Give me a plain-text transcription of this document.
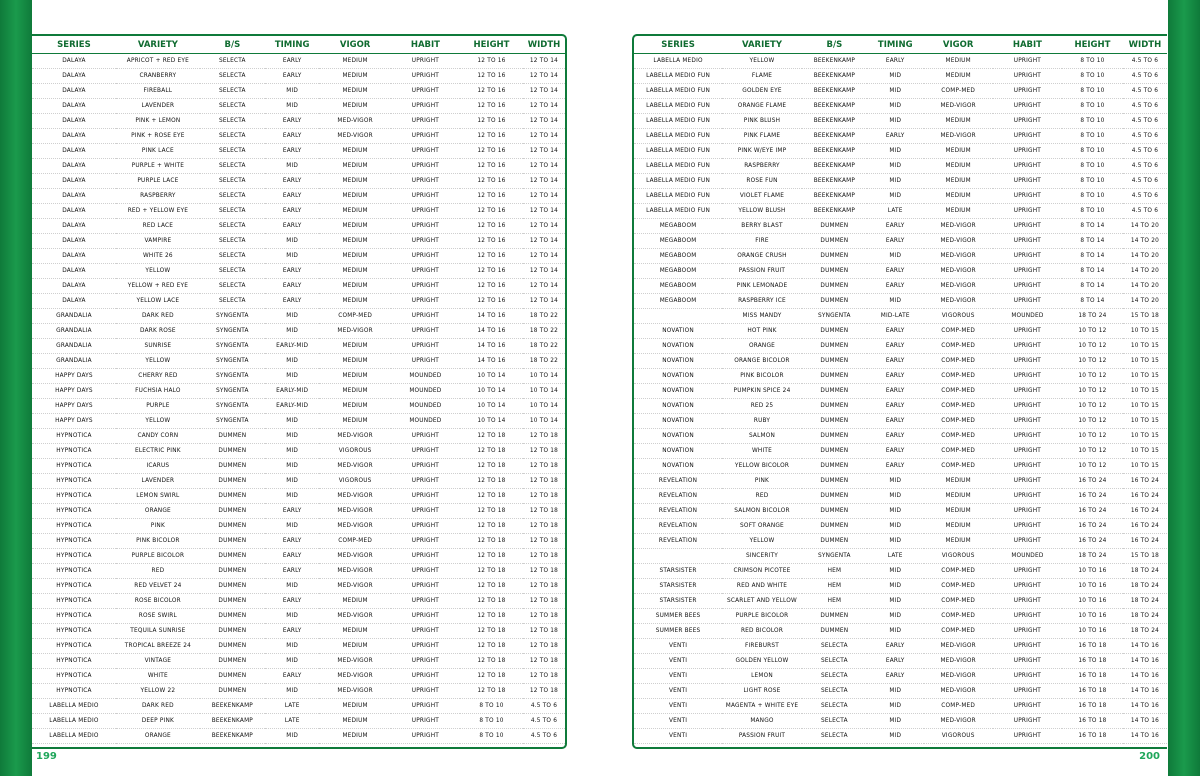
SERIES	VARIETY	B/S	TIMING	VIGOR	HABIT	HEIGHT	WIDTH
DALAYA	APRICOT + RED EYE	SELECTA	EARLY	MEDIUM	UPRIGHT	12 TO 16	12 TO 14
DALAYA	CRANBERRY	SELECTA	EARLY	MEDIUM	UPRIGHT	12 TO 16	12 TO 14
DALAYA	FIREBALL	SELECTA	MID	MEDIUM	UPRIGHT	12 TO 16	12 TO 14
DALAYA	LAVENDER	SELECTA	MID	MEDIUM	UPRIGHT	12 TO 16	12 TO 14
DALAYA	PINK + LEMON	SELECTA	EARLY	MED-VIGOR	UPRIGHT	12 TO 16	12 TO 14
DALAYA	PINK + ROSE EYE	SELECTA	EARLY	MED-VIGOR	UPRIGHT	12 TO 16	12 TO 14
DALAYA	PINK LACE	SELECTA	EARLY	MEDIUM	UPRIGHT	12 TO 16	12 TO 14
DALAYA	PURPLE + WHITE	SELECTA	MID	MEDIUM	UPRIGHT	12 TO 16	12 TO 14
DALAYA	PURPLE LACE	SELECTA	EARLY	MEDIUM	UPRIGHT	12 TO 16	12 TO 14
DALAYA	RASPBERRY	SELECTA	EARLY	MEDIUM	UPRIGHT	12 TO 16	12 TO 14
DALAYA	RED + YELLOW EYE	SELECTA	EARLY	MEDIUM	UPRIGHT	12 TO 16	12 TO 14
DALAYA	RED LACE	SELECTA	EARLY	MEDIUM	UPRIGHT	12 TO 16	12 TO 14
DALAYA	VAMPIRE	SELECTA	MID	MEDIUM	UPRIGHT	12 TO 16	12 TO 14
DALAYA	WHITE 26	SELECTA	MID	MEDIUM	UPRIGHT	12 TO 16	12 TO 14
DALAYA	YELLOW	SELECTA	EARLY	MEDIUM	UPRIGHT	12 TO 16	12 TO 14
DALAYA	YELLOW + RED EYE	SELECTA	EARLY	MEDIUM	UPRIGHT	12 TO 16	12 TO 14
DALAYA	YELLOW LACE	SELECTA	EARLY	MEDIUM	UPRIGHT	12 TO 16	12 TO 14
GRANDALIA	DARK RED	SYNGENTA	MID	COMP-MED	UPRIGHT	14 TO 16	18 TO 22
GRANDALIA	DARK ROSE	SYNGENTA	MID	MED-VIGOR	UPRIGHT	14 TO 16	18 TO 22
GRANDALIA	SUNRISE	SYNGENTA	EARLY-MID	MEDIUM	UPRIGHT	14 TO 16	18 TO 22
GRANDALIA	YELLOW	SYNGENTA	MID	MEDIUM	UPRIGHT	14 TO 16	18 TO 22
HAPPY DAYS	CHERRY RED	SYNGENTA	MID	MEDIUM	MOUNDED	10 TO 14	10 TO 14
HAPPY DAYS	FUCHSIA HALO	SYNGENTA	EARLY-MID	MEDIUM	MOUNDED	10 TO 14	10 TO 14
HAPPY DAYS	PURPLE	SYNGENTA	EARLY-MID	MEDIUM	MOUNDED	10 TO 14	10 TO 14
HAPPY DAYS	YELLOW	SYNGENTA	MID	MEDIUM	MOUNDED	10 TO 14	10 TO 14
HYPNOTICA	CANDY CORN	DUMMEN	MID	MED-VIGOR	UPRIGHT	12 TO 18	12 TO 18
HYPNOTICA	ELECTRIC PINK	DUMMEN	MID	VIGOROUS	UPRIGHT	12 TO 18	12 TO 18
HYPNOTICA	ICARUS	DUMMEN	MID	MED-VIGOR	UPRIGHT	12 TO 18	12 TO 18
HYPNOTICA	LAVENDER	DUMMEN	MID	VIGOROUS	UPRIGHT	12 TO 18	12 TO 18
HYPNOTICA	LEMON SWIRL	DUMMEN	MID	MED-VIGOR	UPRIGHT	12 TO 18	12 TO 18
HYPNOTICA	ORANGE	DUMMEN	EARLY	MED-VIGOR	UPRIGHT	12 TO 18	12 TO 18
HYPNOTICA	PINK	DUMMEN	MID	MED-VIGOR	UPRIGHT	12 TO 18	12 TO 18
HYPNOTICA	PINK BICOLOR	DUMMEN	EARLY	COMP-MED	UPRIGHT	12 TO 18	12 TO 18
HYPNOTICA	PURPLE BICOLOR	DUMMEN	EARLY	MED-VIGOR	UPRIGHT	12 TO 18	12 TO 18
HYPNOTICA	RED	DUMMEN	EARLY	MED-VIGOR	UPRIGHT	12 TO 18	12 TO 18
HYPNOTICA	RED VELVET 24	DUMMEN	MID	MED-VIGOR	UPRIGHT	12 TO 18	12 TO 18
HYPNOTICA	ROSE BICOLOR	DUMMEN	EARLY	MEDIUM	UPRIGHT	12 TO 18	12 TO 18
HYPNOTICA	ROSE SWIRL	DUMMEN	MID	MED-VIGOR	UPRIGHT	12 TO 18	12 TO 18
HYPNOTICA	TEQUILA SUNRISE	DUMMEN	EARLY	MEDIUM	UPRIGHT	12 TO 18	12 TO 18
HYPNOTICA	TROPICAL BREEZE 24	DUMMEN	MID	MEDIUM	UPRIGHT	12 TO 18	12 TO 18
HYPNOTICA	VINTAGE	DUMMEN	MID	MED-VIGOR	UPRIGHT	12 TO 18	12 TO 18
HYPNOTICA	WHITE	DUMMEN	EARLY	MED-VIGOR	UPRIGHT	12 TO 18	12 TO 18
HYPNOTICA	YELLOW 22	DUMMEN	MID	MED-VIGOR	UPRIGHT	12 TO 18	12 TO 18
LABELLA MEDIO	DARK RED	BEEKENKAMP	LATE	MEDIUM	UPRIGHT	8 TO 10	4.5 TO 6
LABELLA MEDIO	DEEP PINK	BEEKENKAMP	LATE	MEDIUM	UPRIGHT	8 TO 10	4.5 TO 6
LABELLA MEDIO	ORANGE	BEEKENKAMP	MID	MEDIUM	UPRIGHT	8 TO 10	4.5 TO 6

SERIES	VARIETY	B/S	TIMING	VIGOR	HABIT	HEIGHT	WIDTH
LABELLA MEDIO	YELLOW	BEEKENKAMP	EARLY	MEDIUM	UPRIGHT	8 TO 10	4.5 TO 6
LABELLA MEDIO FUN	FLAME	BEEKENKAMP	MID	MEDIUM	UPRIGHT	8 TO 10	4.5 TO 6
LABELLA MEDIO FUN	GOLDEN EYE	BEEKENKAMP	MID	COMP-MED	UPRIGHT	8 TO 10	4.5 TO 6
LABELLA MEDIO FUN	ORANGE FLAME	BEEKENKAMP	MID	MED-VIGOR	UPRIGHT	8 TO 10	4.5 TO 6
LABELLA MEDIO FUN	PINK BLUSH	BEEKENKAMP	MID	MEDIUM	UPRIGHT	8 TO 10	4.5 TO 6
LABELLA MEDIO FUN	PINK FLAME	BEEKENKAMP	EARLY	MED-VIGOR	UPRIGHT	8 TO 10	4.5 TO 6
LABELLA MEDIO FUN	PINK W/EYE IMP	BEEKENKAMP	MID	MEDIUM	UPRIGHT	8 TO 10	4.5 TO 6
LABELLA MEDIO FUN	RASPBERRY	BEEKENKAMP	MID	MEDIUM	UPRIGHT	8 TO 10	4.5 TO 6
LABELLA MEDIO FUN	ROSE FUN	BEEKENKAMP	MID	MEDIUM	UPRIGHT	8 TO 10	4.5 TO 6
LABELLA MEDIO FUN	VIOLET FLAME	BEEKENKAMP	MID	MEDIUM	UPRIGHT	8 TO 10	4.5 TO 6
LABELLA MEDIO FUN	YELLOW BLUSH	BEEKENKAMP	LATE	MEDIUM	UPRIGHT	8 TO 10	4.5 TO 6
MEGABOOM	BERRY BLAST	DUMMEN	EARLY	MED-VIGOR	UPRIGHT	8 TO 14	14 TO 20
MEGABOOM	FIRE	DUMMEN	EARLY	MED-VIGOR	UPRIGHT	8 TO 14	14 TO 20
MEGABOOM	ORANGE CRUSH	DUMMEN	MID	MED-VIGOR	UPRIGHT	8 TO 14	14 TO 20
MEGABOOM	PASSION FRUIT	DUMMEN	EARLY	MED-VIGOR	UPRIGHT	8 TO 14	14 TO 20
MEGABOOM	PINK LEMONADE	DUMMEN	EARLY	MED-VIGOR	UPRIGHT	8 TO 14	14 TO 20
MEGABOOM	RASPBERRY ICE	DUMMEN	MID	MED-VIGOR	UPRIGHT	8 TO 14	14 TO 20
	MISS MANDY	SYNGENTA	MID-LATE	VIGOROUS	MOUNDED	18 TO 24	15 TO 18
NOVATION	HOT PINK	DUMMEN	EARLY	COMP-MED	UPRIGHT	10 TO 12	10 TO 15
NOVATION	ORANGE	DUMMEN	EARLY	COMP-MED	UPRIGHT	10 TO 12	10 TO 15
NOVATION	ORANGE BICOLOR	DUMMEN	EARLY	COMP-MED	UPRIGHT	10 TO 12	10 TO 15
NOVATION	PINK BICOLOR	DUMMEN	EARLY	COMP-MED	UPRIGHT	10 TO 12	10 TO 15
NOVATION	PUMPKIN SPICE 24	DUMMEN	EARLY	COMP-MED	UPRIGHT	10 TO 12	10 TO 15
NOVATION	RED 25	DUMMEN	EARLY	COMP-MED	UPRIGHT	10 TO 12	10 TO 15
NOVATION	RUBY	DUMMEN	EARLY	COMP-MED	UPRIGHT	10 TO 12	10 TO 15
NOVATION	SALMON	DUMMEN	EARLY	COMP-MED	UPRIGHT	10 TO 12	10 TO 15
NOVATION	WHITE	DUMMEN	EARLY	COMP-MED	UPRIGHT	10 TO 12	10 TO 15
NOVATION	YELLOW BICOLOR	DUMMEN	EARLY	COMP-MED	UPRIGHT	10 TO 12	10 TO 15
REVELATION	PINK	DUMMEN	MID	MEDIUM	UPRIGHT	16 TO 24	16 TO 24
REVELATION	RED	DUMMEN	MID	MEDIUM	UPRIGHT	16 TO 24	16 TO 24
REVELATION	SALMON BICOLOR	DUMMEN	MID	MEDIUM	UPRIGHT	16 TO 24	16 TO 24
REVELATION	SOFT ORANGE	DUMMEN	MID	MEDIUM	UPRIGHT	16 TO 24	16 TO 24
REVELATION	YELLOW	DUMMEN	MID	MEDIUM	UPRIGHT	16 TO 24	16 TO 24
	SINCERITY	SYNGENTA	LATE	VIGOROUS	MOUNDED	18 TO 24	15 TO 18
STARSISTER	CRIMSON PICOTEE	HEM	MID	COMP-MED	UPRIGHT	10 TO 16	18 TO 24
STARSISTER	RED AND WHITE	HEM	MID	COMP-MED	UPRIGHT	10 TO 16	18 TO 24
STARSISTER	SCARLET AND YELLOW	HEM	MID	COMP-MED	UPRIGHT	10 TO 16	18 TO 24
SUMMER BEES	PURPLE BICOLOR	DUMMEN	MID	COMP-MED	UPRIGHT	10 TO 16	18 TO 24
SUMMER BEES	RED BICOLOR	DUMMEN	MID	COMP-MED	UPRIGHT	10 TO 16	18 TO 24
VENTI	FIREBURST	SELECTA	EARLY	MED-VIGOR	UPRIGHT	16 TO 18	14 TO 16
VENTI	GOLDEN YELLOW	SELECTA	EARLY	MED-VIGOR	UPRIGHT	16 TO 18	14 TO 16
VENTI	LEMON	SELECTA	EARLY	MED-VIGOR	UPRIGHT	16 TO 18	14 TO 16
VENTI	LIGHT ROSE	SELECTA	MID	MED-VIGOR	UPRIGHT	16 TO 18	14 TO 16
VENTI	MAGENTA + WHITE EYE	SELECTA	MID	COMP-MED	UPRIGHT	16 TO 18	14 TO 16
VENTI	MANGO	SELECTA	MID	MED-VIGOR	UPRIGHT	16 TO 18	14 TO 16
VENTI	PASSION FRUIT	SELECTA	MID	VIGOROUS	UPRIGHT	16 TO 18	14 TO 16

199	200
